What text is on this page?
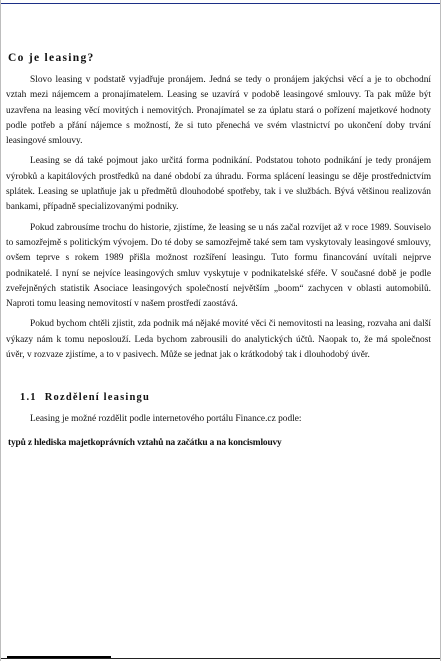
Co je leasing?

Slovo leasing v podstatě vyjadřuje pronájem. Jedná se tedy o pronájem jakýchsi věcí a je to obchodní vztah mezi nájemcem a pronajímatelem. Leasing se uzavírá v podobě leasingové smlouvy. Ta pak může být uzavřena na leasing věcí movitých i nemovitých. Pronajímatel se za úplatu stará o pořízení majetkové hodnoty podle potřeb a přání nájemce s možností, že si tuto přenechá ve svém vlastnictví po ukončení doby trvání leasingové smlouvy.

Leasing se dá také pojmout jako určitá forma podnikání. Podstatou tohoto podnikání je tedy pronájem výrobků a kapitálových prostředků na dané období za úhradu. Forma splácení leasingu se děje prostřednictvím splátek. Leasing se uplatňuje jak u předmětů dlouhodobé spotřeby, tak i ve službách. Bývá většinou realizován bankami, případně specializovanými podniky.

Pokud zabrousíme trochu do historie, zjistíme, že leasing se u nás začal rozvíjet až v roce 1989. Souviselo to samozřejmě s politickým vývojem. Do té doby se samozřejmě také sem tam vyskytovaly leasingové smlouvy, ovšem teprve s rokem 1989 přišla možnost rozšíření leasingu. Tuto formu financování uvítali nejprve podnikatelé. I nyní se nejvíce leasingových smluv vyskytuje v podnikatelské sféře. V současné době je podle zveřejněných statistik Asociace leasingových společností největším „boom“ zachycen v oblasti automobilů. Naproti tomu leasing nemovitostí v našem prostředí zaostává.

Pokud bychom chtěli zjistit, zda podnik má nějaké movité věci či nemovitosti na leasing, rozvaha ani další výkazy nám k tomu neposlouží. Leda bychom zabrousili do analytických účtů. Naopak to, že má společnost úvěr, v rozvaze zjistíme, a to v pasivech. Může se jednat jak o krátkodobý tak i dlouhodobý úvěr.

1.1 Rozdělení leasingu

Leasing je možné rozdělit podle internetového portálu Finance.cz podle:

typů z hlediska majetkoprávních vztahů na začátku a na koncismlouvy
